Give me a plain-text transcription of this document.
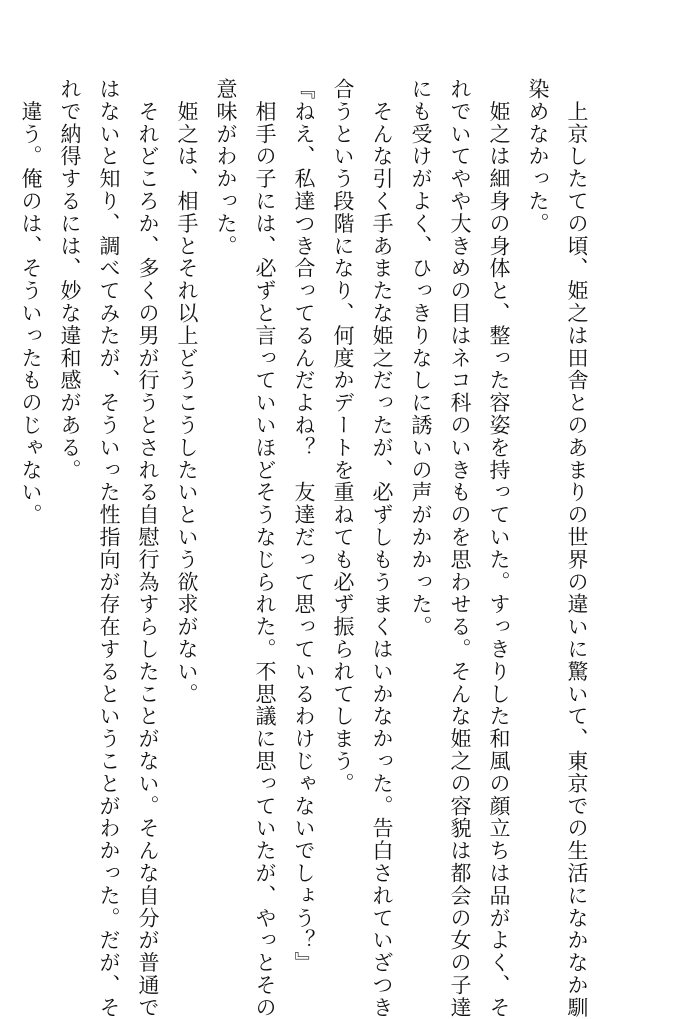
　上京したての頃、姫之は田舎とのあまりの世界の違いに驚いて、東京での生活になかなか馴
染めなかった。
　姫之は細身の身体と、整った容姿を持っていた。すっきりした和風の顔立ちは品がよく、そ
れでいてやや大きめの目はネコ科のいきものを思わせる。そんな姫之の容貌は都会の女の子達
にも受けがよく、ひっきりなしに誘いの声がかかった。
　そんな引く手あまたな姫之だったが、必ずしもうまくはいかなかった。告白されていざつき
合うという段階になり、何度かデートを重ねても必ず振られてしまう。
『ねえ、私達つき合ってるんだよね？　友達だって思っているわけじゃないでしょう？』
　相手の子には、必ずと言っていいほどそうなじられた。不思議に思っていたが、やっとその
意味がわかった。
　姫之は、相手とそれ以上どうこうしたいという欲求がない。
　それどころか、多くの男が行うとされる自慰行為すらしたことがない。そんな自分が普通で
はないと知り、調べてみたが、そういった性指向が存在するということがわかった。だが、そ
れで納得するには、妙な違和感がある。
　違う。俺のは、そういったものじゃない。
